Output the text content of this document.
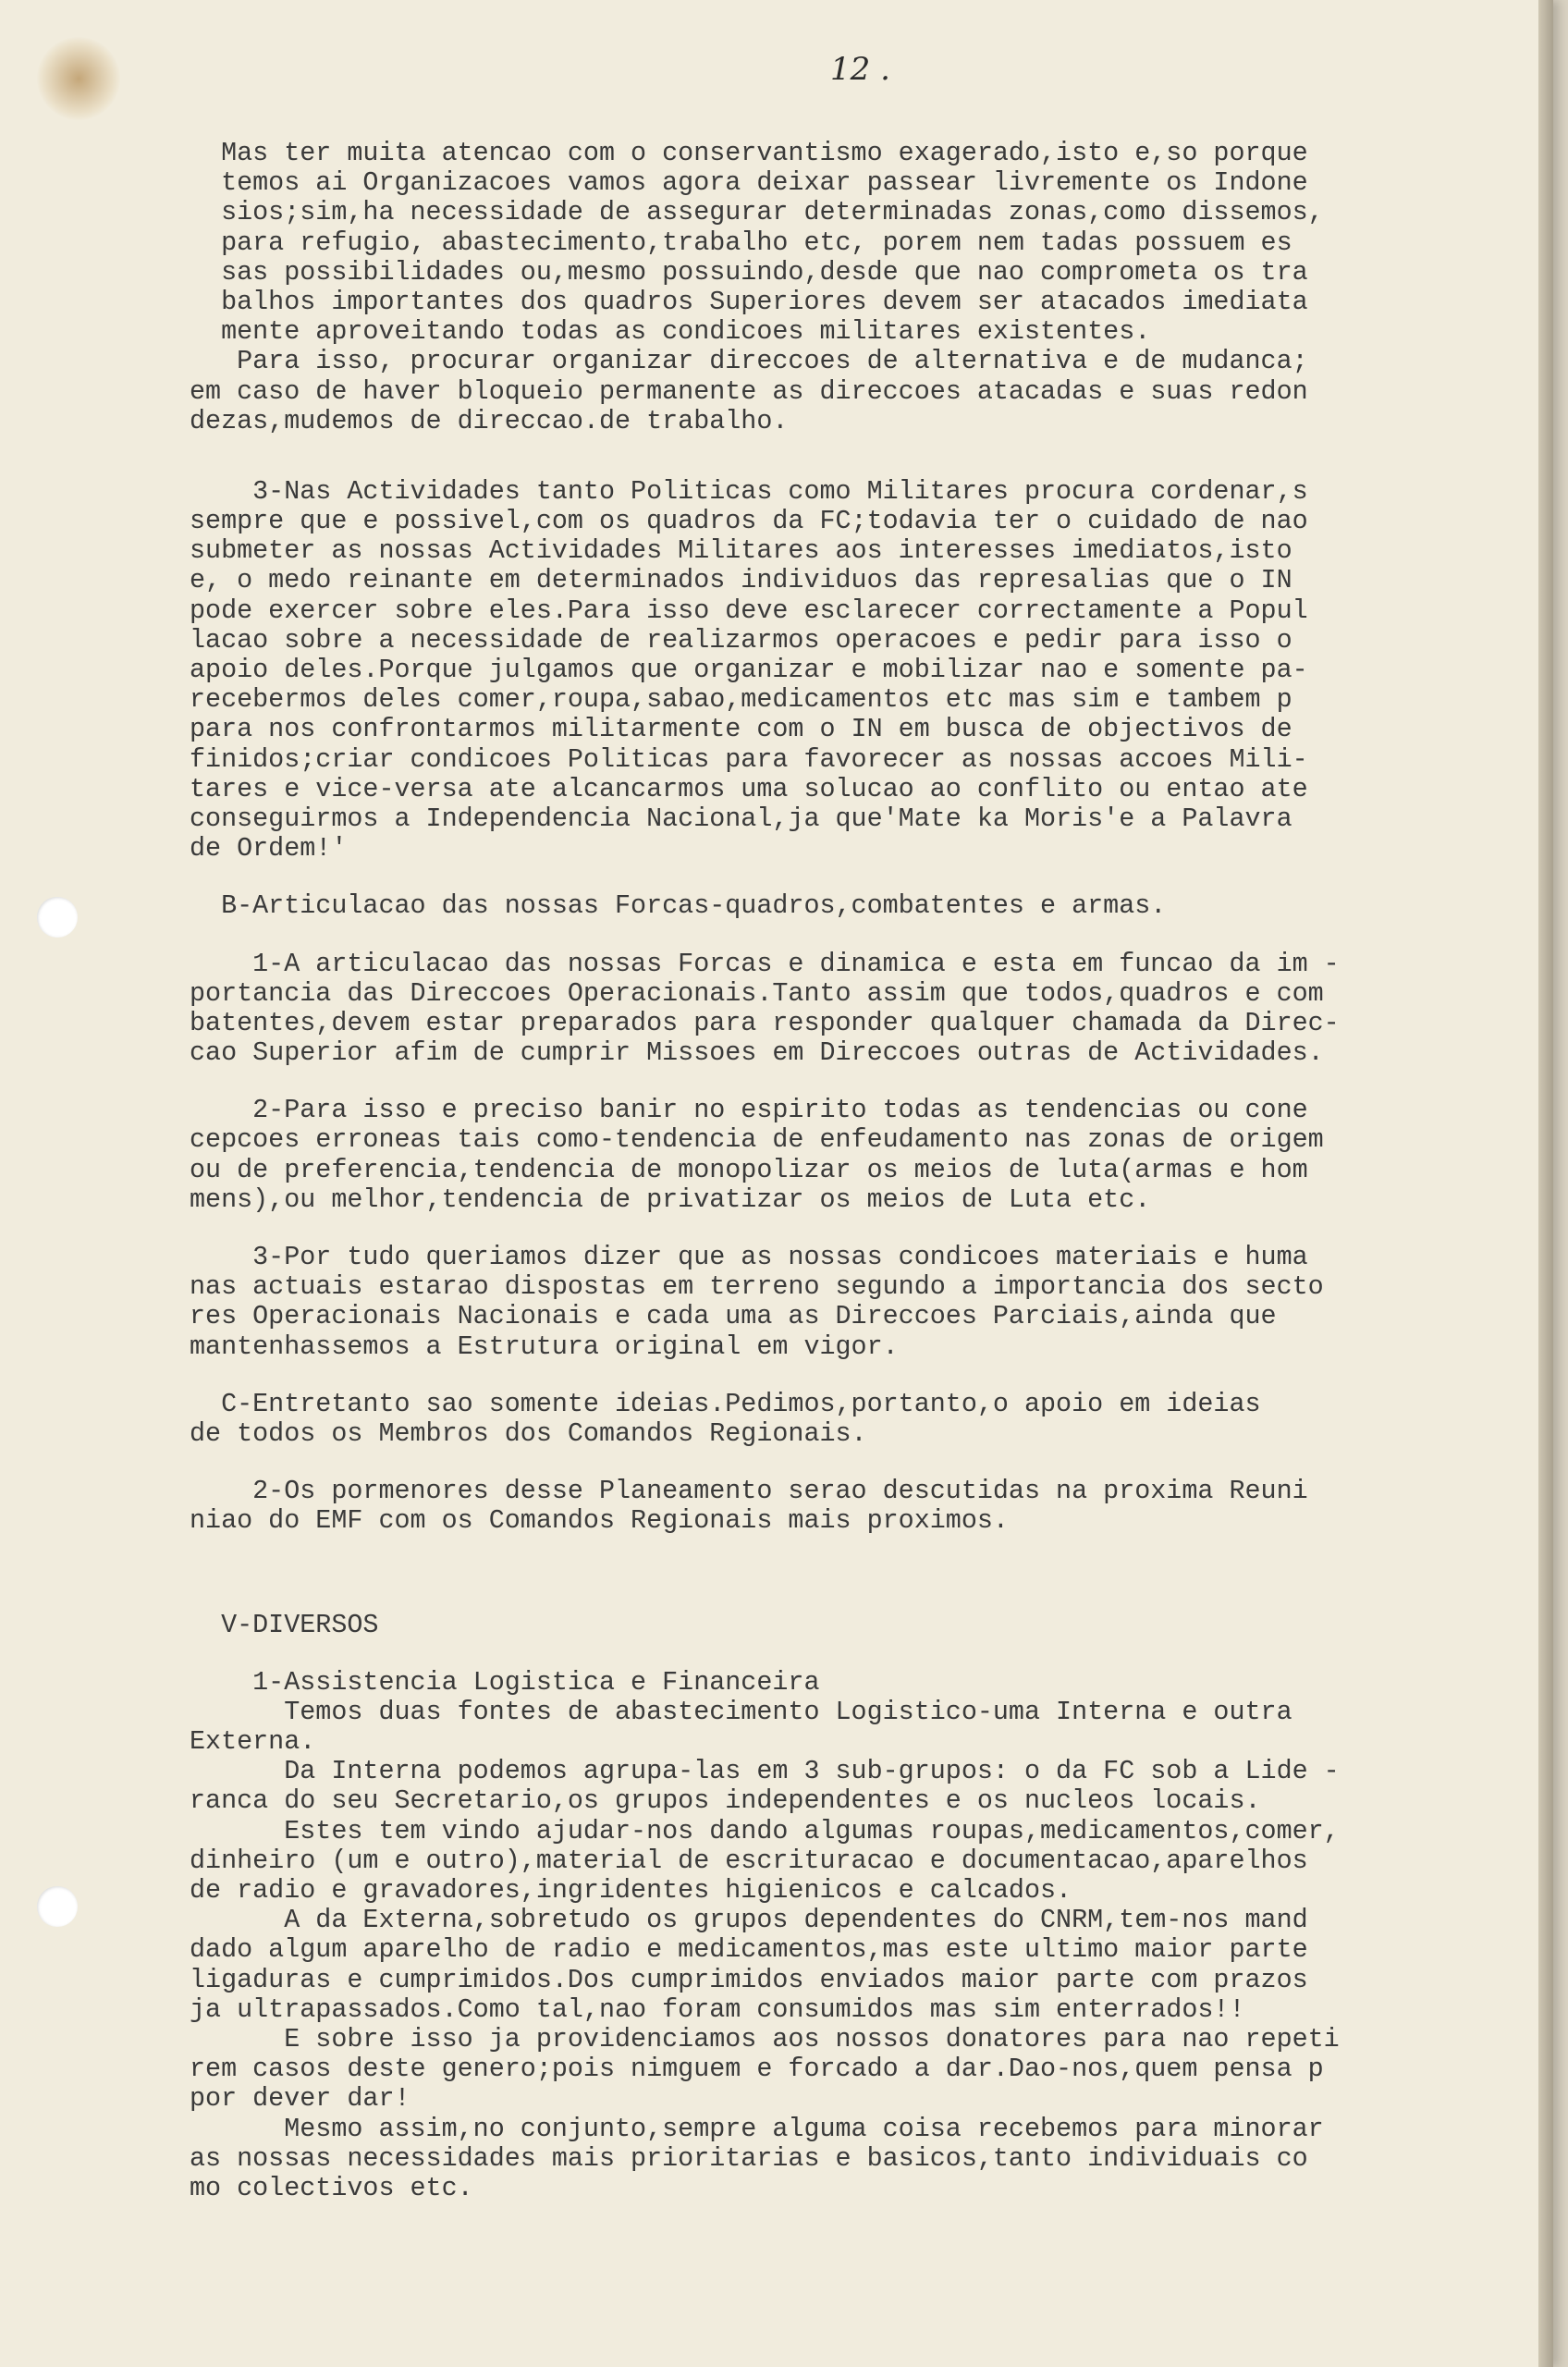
12 .
Mas ter muita atencao com o conservantismo exagerado,isto e,so porque
temos ai Organizacoes vamos agora deixar passear livremente os Indone
sios;sim,ha necessidade de assegurar determinadas zonas,como dissemos,
para refugio, abastecimento,trabalho etc, porem nem tadas possuem es
sas possibilidades ou,mesmo possuindo,desde que nao comprometa os tra
balhos importantes dos quadros Superiores devem ser atacados imediata
mente aproveitando todas as condicoes militares existentes.
Para isso, procurar organizar direccoes de alternativa e de mudanca;
em caso de haver bloqueio permanente as direccoes atacadas e suas redon
dezas,mudemos de direccao.de trabalho.
3-Nas Actividades tanto Politicas como Militares procura cordenar,s
sempre que e possivel,com os quadros da FC;todavia ter o cuidado de nao
submeter as nossas Actividades Militares aos interesses imediatos,isto
e, o medo reinante em determinados individuos das represalias que o IN
pode exercer sobre eles.Para isso deve esclarecer correctamente a Popul
lacao sobre a necessidade de realizarmos operacoes e pedir para isso o
apoio deles.Porque julgamos que organizar e mobilizar nao e somente pa-
recebermos deles comer,roupa,sabao,medicamentos etc mas sim e tambem p
para nos confrontarmos militarmente com o IN em busca de objectivos de
finidos;criar condicoes Politicas para favorecer as nossas accoes Mili-
tares e vice-versa ate alcancarmos uma solucao ao conflito ou entao ate
conseguirmos a Independencia Nacional,ja que'Mate ka Moris'e a Palavra
de Ordem!'
B-Articulacao das nossas Forcas-quadros,combatentes e armas.
1-A articulacao das nossas Forcas e dinamica e esta em funcao da im -
portancia das Direccoes Operacionais.Tanto assim que todos,quadros e com
batentes,devem estar preparados para responder qualquer chamada da Direc-
cao Superior afim de cumprir Missoes em Direccoes outras de Actividades.
2-Para isso e preciso banir no espirito todas as tendencias ou cone
cepcoes erroneas tais como-tendencia de enfeudamento nas zonas de origem
ou de preferencia,tendencia de monopolizar os meios de luta(armas e hom
mens),ou melhor,tendencia de privatizar os meios de Luta etc.
3-Por tudo queriamos dizer que as nossas condicoes materiais e huma
nas actuais estarao dispostas em terreno segundo a importancia dos secto
res Operacionais Nacionais e cada uma as Direccoes Parciais,ainda que
mantenhassemos a Estrutura original em vigor.
C-Entretanto sao somente ideias.Pedimos,portanto,o apoio em ideias
de todos os Membros dos Comandos Regionais.
2-Os pormenores desse Planeamento serao descutidas na proxima Reuni
niao do EMF com os Comandos Regionais mais proximos.
V-DIVERSOS
1-Assistencia Logistica e Financeira
Temos duas fontes de abastecimento Logistico-uma Interna e outra
Externa.
Da Interna podemos agrupa-las em 3 sub-grupos: o da FC sob a Lide -
ranca do seu Secretario,os grupos independentes e os nucleos locais.
Estes tem vindo ajudar-nos dando algumas roupas,medicamentos,comer,
dinheiro (um e outro),material de escrituracao e documentacao,aparelhos
de radio e gravadores,ingridentes higienicos e calcados.
A da Externa,sobretudo os grupos dependentes do CNRM,tem-nos mand
dado algum aparelho de radio e medicamentos,mas este ultimo maior parte
ligaduras e cumprimidos.Dos cumprimidos enviados maior parte com prazos
ja ultrapassados.Como tal,nao foram consumidos mas sim enterrados!!
E sobre isso ja providenciamos aos nossos donatores para nao repeti
rem casos deste genero;pois nimguem e forcado a dar.Dao-nos,quem pensa p
por dever dar!
Mesmo assim,no conjunto,sempre alguma coisa recebemos para minorar
as nossas necessidades mais prioritarias e basicos,tanto individuais co
mo colectivos etc.
